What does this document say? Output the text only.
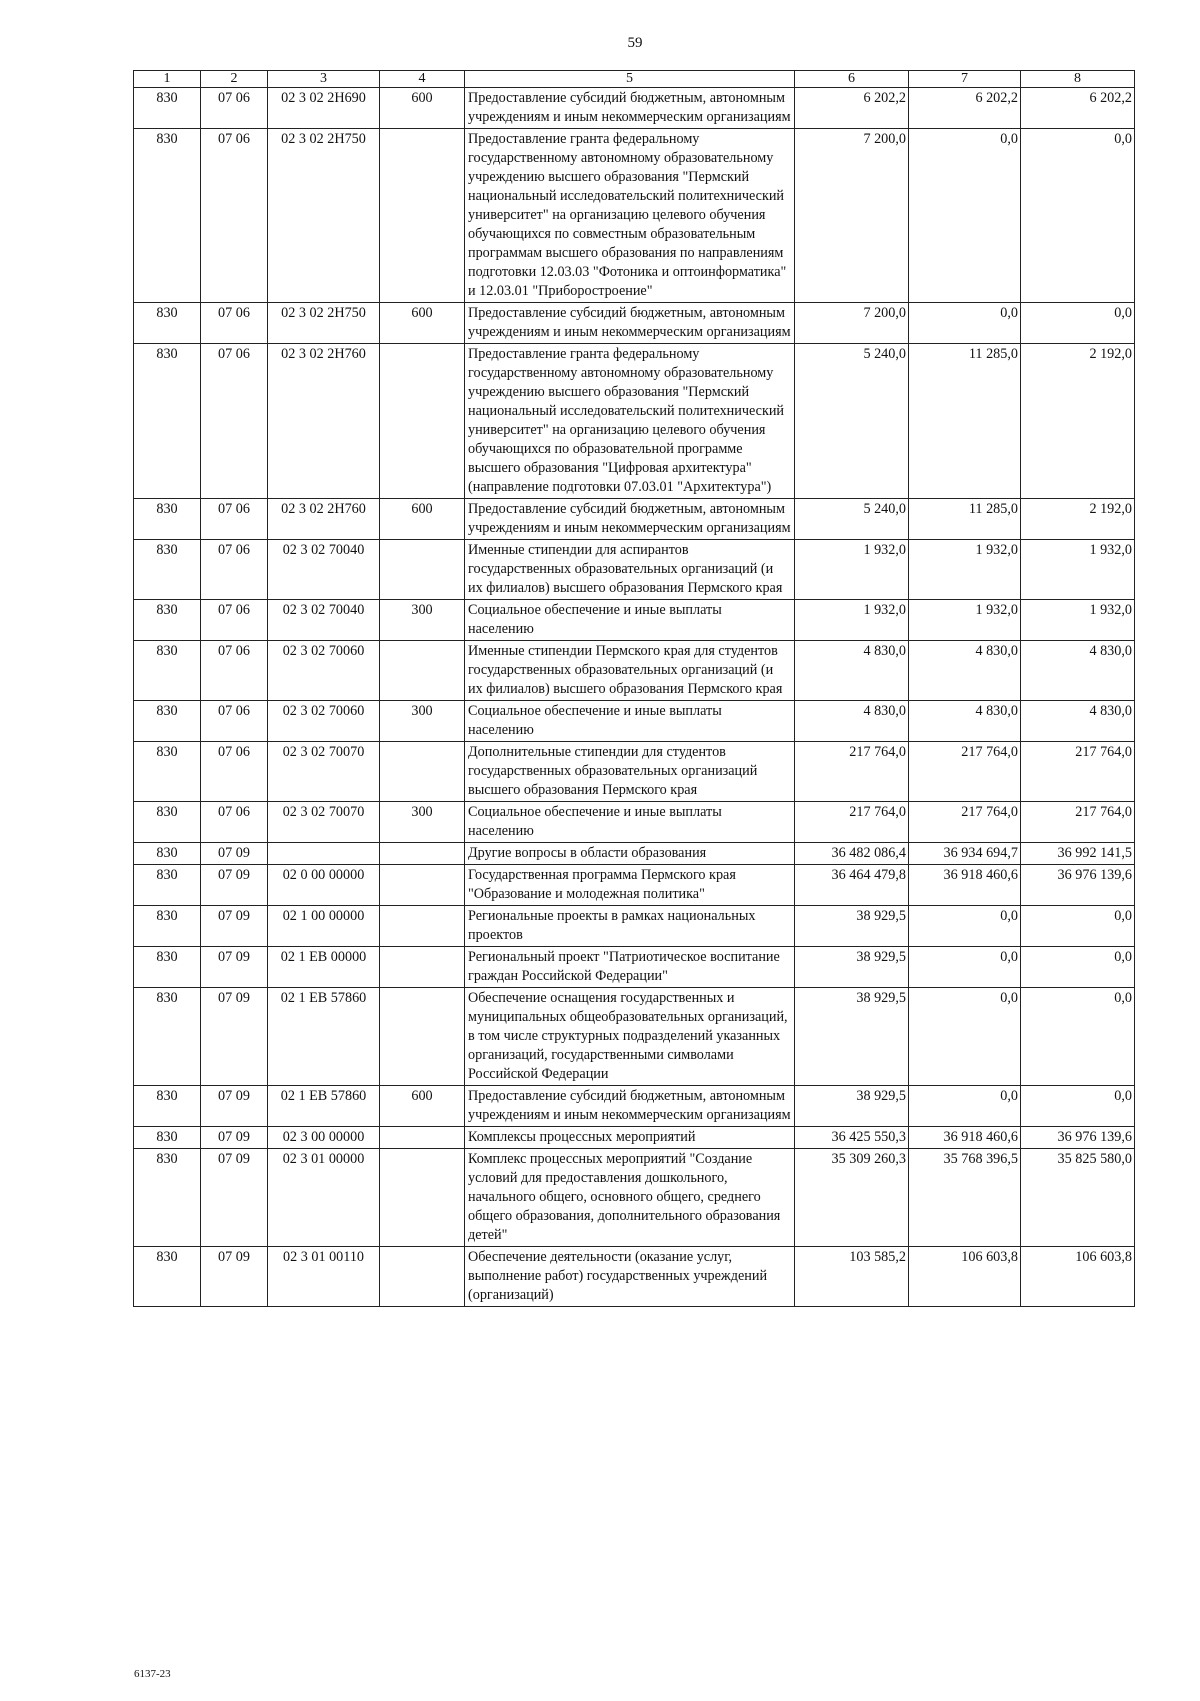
59
1	2	3	4	5	6	7	8
830	07 06	02 3 02 2Н690	600	Предоставление субсидий бюджетным, автономным учреждениям и иным некоммерческим организациям	6 202,2	6 202,2	6 202,2
830	07 06	02 3 02 2Н750		Предоставление гранта федеральному государственному автономному образовательному учреждению высшего образования "Пермский национальный исследовательский политехнический университет" на организацию целевого обучения обучающихся по совместным образовательным программам высшего образования по направлениям подготовки 12.03.03 "Фотоника и оптоинформатика" и 12.03.01 "Приборостроение"	7 200,0	0,0	0,0
830	07 06	02 3 02 2Н750	600	Предоставление субсидий бюджетным, автономным учреждениям и иным некоммерческим организациям	7 200,0	0,0	0,0
830	07 06	02 3 02 2Н760		Предоставление гранта федеральному государственному автономному образовательному учреждению высшего образования "Пермский национальный исследовательский политехнический университет" на организацию целевого обучения обучающихся по образовательной программе высшего образования "Цифровая архитектура" (направление подготовки 07.03.01 "Архитектура")	5 240,0	11 285,0	2 192,0
830	07 06	02 3 02 2Н760	600	Предоставление субсидий бюджетным, автономным учреждениям и иным некоммерческим организациям	5 240,0	11 285,0	2 192,0
830	07 06	02 3 02 70040		Именные стипендии для аспирантов государственных образовательных организаций (и их филиалов) высшего образования Пермского края	1 932,0	1 932,0	1 932,0
830	07 06	02 3 02 70040	300	Социальное обеспечение и иные выплаты населению	1 932,0	1 932,0	1 932,0
830	07 06	02 3 02 70060		Именные стипендии Пермского края для студентов государственных образовательных организаций (и их филиалов) высшего образования Пермского края	4 830,0	4 830,0	4 830,0
830	07 06	02 3 02 70060	300	Социальное обеспечение и иные выплаты населению	4 830,0	4 830,0	4 830,0
830	07 06	02 3 02 70070		Дополнительные стипендии для студентов государственных образовательных организаций высшего образования Пермского края	217 764,0	217 764,0	217 764,0
830	07 06	02 3 02 70070	300	Социальное обеспечение и иные выплаты населению	217 764,0	217 764,0	217 764,0
830	07 09			Другие вопросы в области образования	36 482 086,4	36 934 694,7	36 992 141,5
830	07 09	02 0 00 00000		Государственная программа Пермского края "Образование и молодежная политика"	36 464 479,8	36 918 460,6	36 976 139,6
830	07 09	02 1 00 00000		Региональные проекты в рамках национальных проектов	38 929,5	0,0	0,0
830	07 09	02 1 EB 00000		Региональный проект "Патриотическое воспитание граждан Российской Федерации"	38 929,5	0,0	0,0
830	07 09	02 1 EB 57860		Обеспечение оснащения государственных и муниципальных общеобразовательных организаций, в том числе структурных подразделений указанных организаций, государственными символами Российской Федерации	38 929,5	0,0	0,0
830	07 09	02 1 EB 57860	600	Предоставление субсидий бюджетным, автономным учреждениям и иным некоммерческим организациям	38 929,5	0,0	0,0
830	07 09	02 3 00 00000		Комплексы процессных мероприятий	36 425 550,3	36 918 460,6	36 976 139,6
830	07 09	02 3 01 00000		Комплекс процессных мероприятий "Создание условий для предоставления дошкольного, начального общего, основного общего, среднего общего образования, дополнительного образования детей"	35 309 260,3	35 768 396,5	35 825 580,0
830	07 09	02 3 01 00110		Обеспечение деятельности (оказание услуг, выполнение работ) государственных учреждений (организаций)	103 585,2	106 603,8	106 603,8
6137-23
